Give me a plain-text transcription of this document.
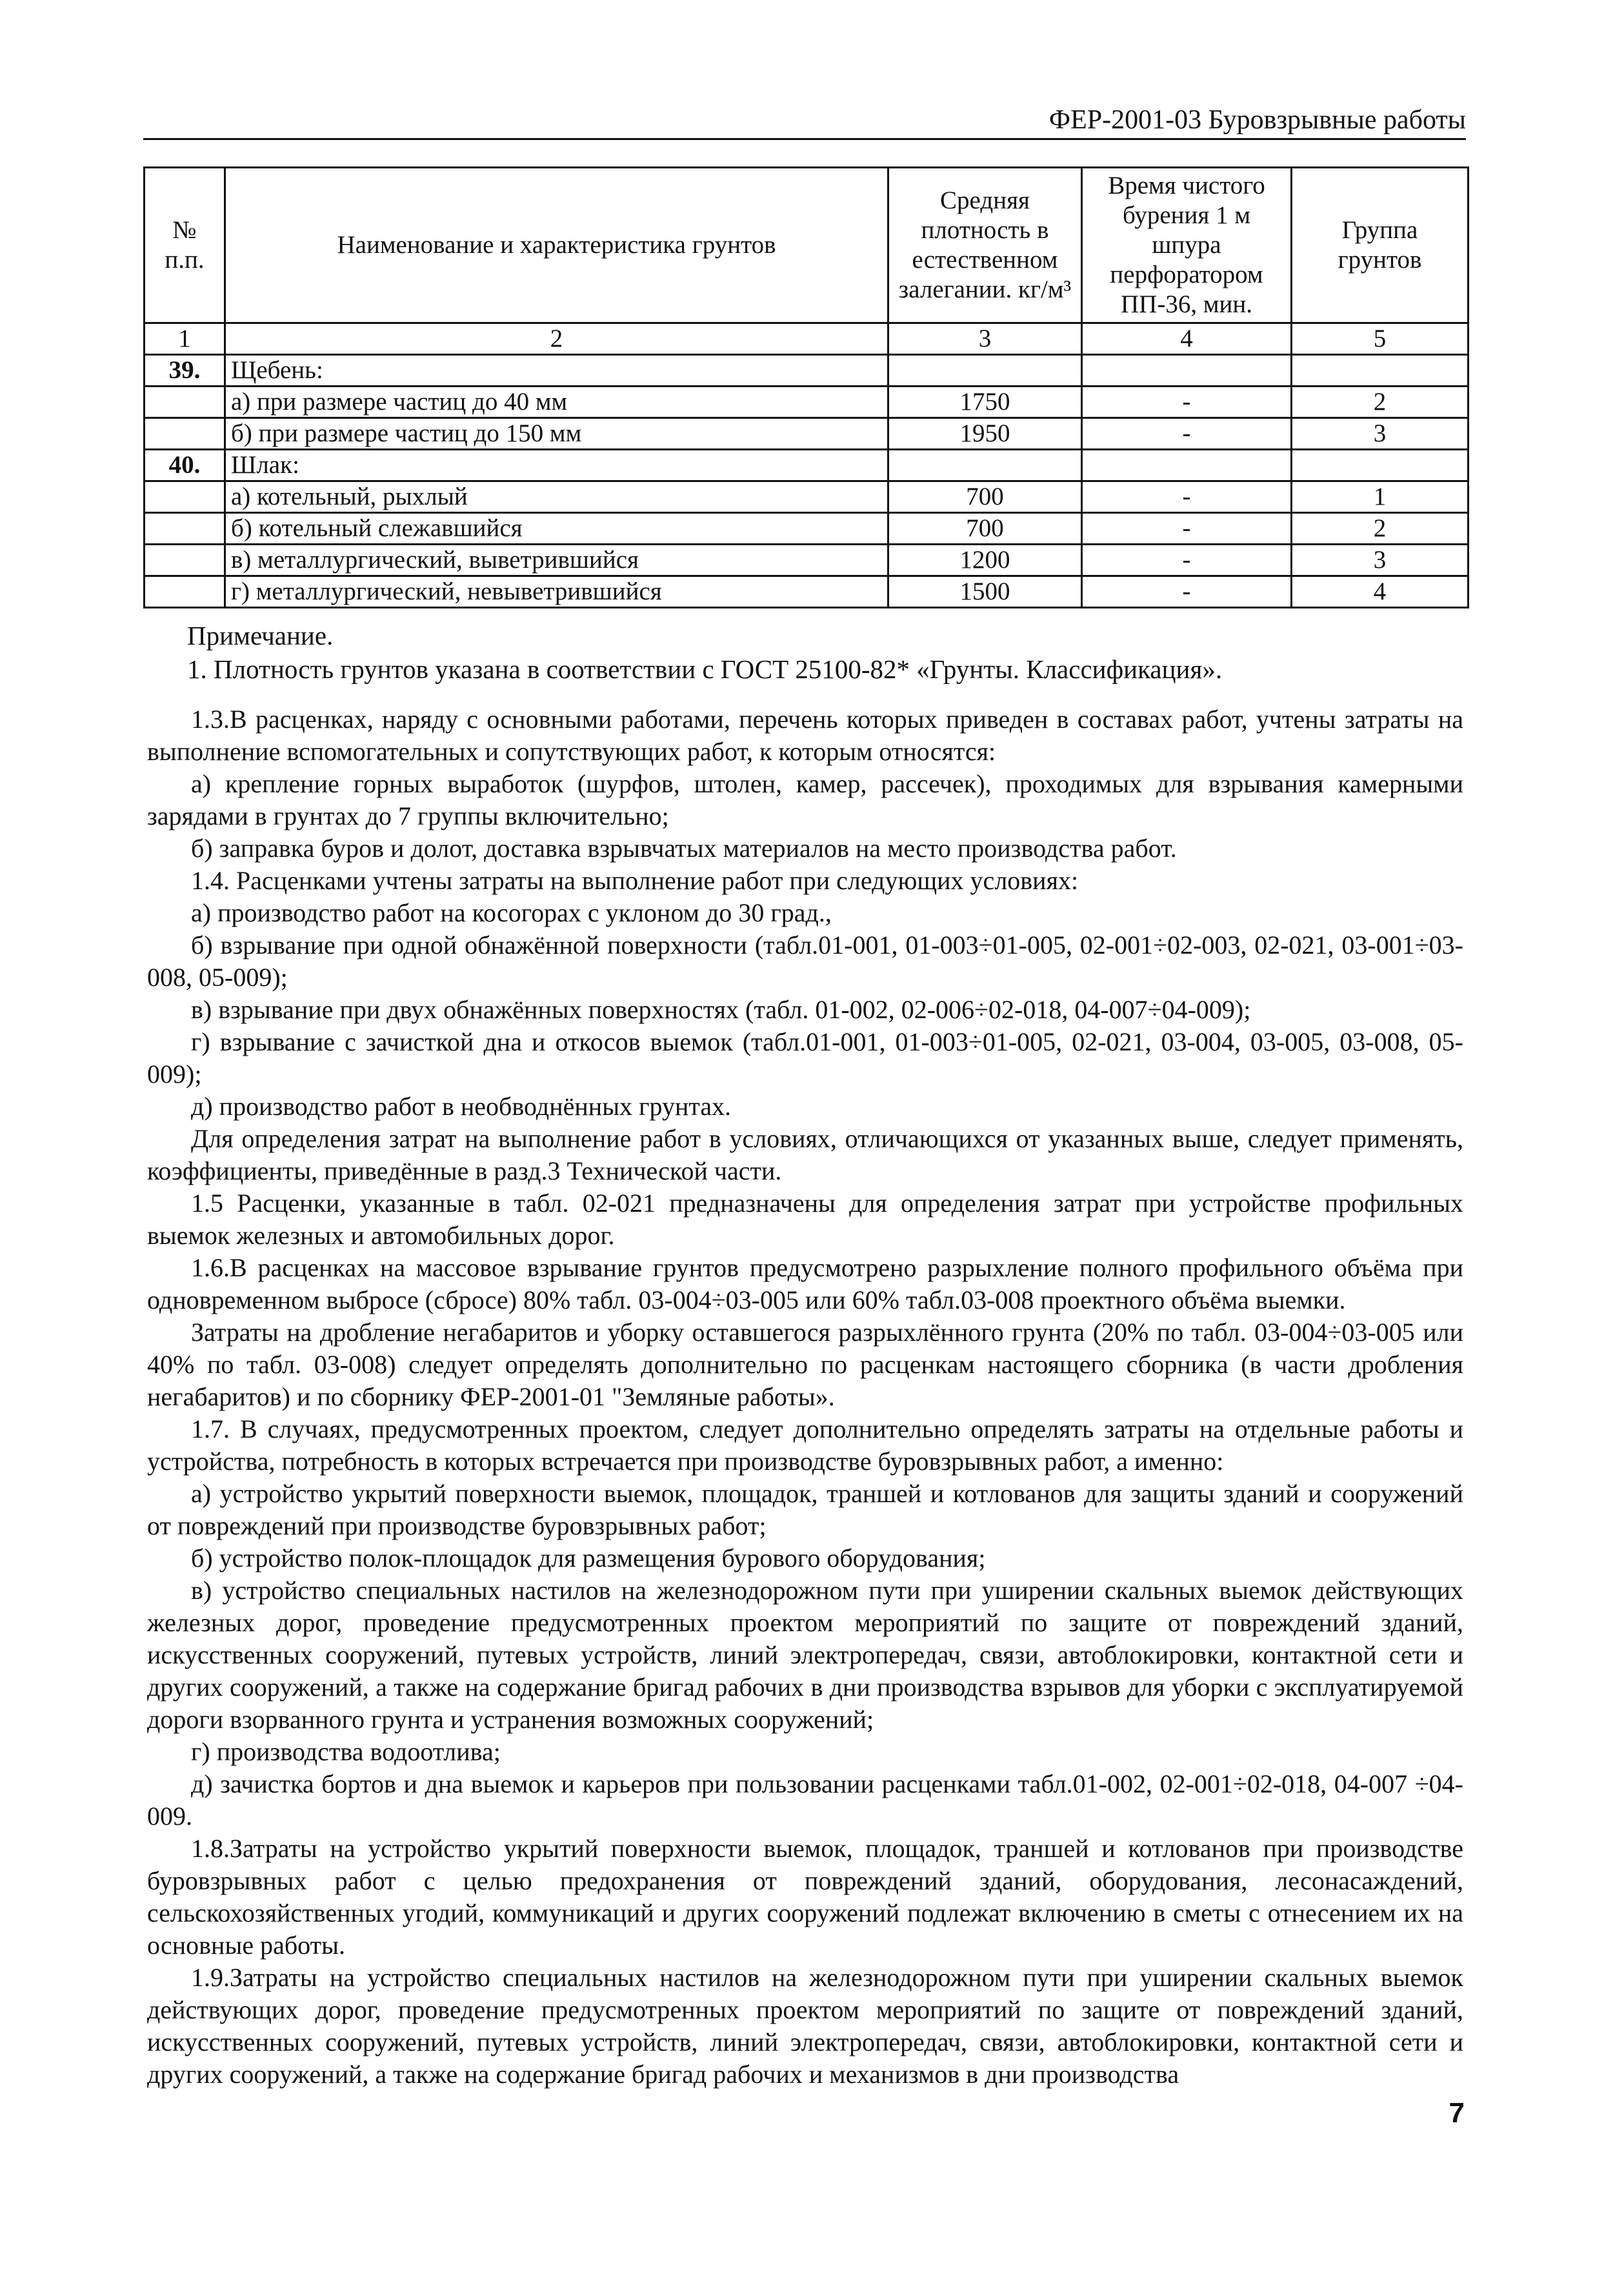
ФЕР-2001-03 Буровзрывные работы
№ п.п.	Наименование и характеристика грунтов	Средняя плотность в естественном залегании. кг/м³	Время чистого бурения 1 м шпура перфоратором ПП-36, мин.	Группа грунтов
1	2	3	4	5
39.	Щебень:			
	а) при размере частиц до 40 мм	1750	-	2
	б) при размере частиц до 150 мм	1950	-	3
40.	Шлак:			
	а) котельный, рыхлый	700	-	1
	б) котельный слежавшийся	700	-	2
	в) металлургический, выветрившийся	1200	-	3
	г) металлургический, невыветрившийся	1500	-	4
Примечание.
1. Плотность грунтов указана в соответствии с ГОСТ 25100-82* «Грунты. Классификация».

1.3.В расценках, наряду с основными работами, перечень которых приведен в составах работ, учтены затраты на выполнение вспомогательных и сопутствующих работ, к которым относятся:

а) крепление горных выработок (шурфов, штолен, камер, рассечек), проходимых для взрывания камерными зарядами в грунтах до 7 группы включительно;

б) заправка буров и долот, доставка взрывчатых материалов на место производства работ.

1.4. Расценками учтены затраты на выполнение работ при следующих условиях:

а) производство работ на косогорах с уклоном до 30 град.,

б) взрывание при одной обнажённой поверхности (табл.01-001, 01-003÷01-005, 02-001÷02-003, 02-021, 03-001÷03-008, 05-009);

в) взрывание при двух обнажённых поверхностях (табл. 01-002, 02-006÷02-018, 04-007÷04-009);

г) взрывание с зачисткой дна и откосов выемок (табл.01-001, 01-003÷01-005, 02-021, 03-004, 03-005, 03-008, 05-009);

д) производство работ в необводнённых грунтах.

Для определения затрат на выполнение работ в условиях, отличающихся от указанных выше, следует применять, коэффициенты, приведённые в разд.3 Технической части.

1.5 Расценки, указанные в табл. 02-021 предназначены для определения затрат при устройстве профильных выемок железных и автомобильных дорог.

1.6.В расценках на массовое взрывание грунтов предусмотрено разрыхление полного профильного объёма при одновременном выбросе (сбросе) 80% табл. 03-004÷03-005 или 60% табл.03-008 проектного объёма выемки.

Затраты на дробление негабаритов и уборку оставшегося разрыхлённого грунта (20% по табл. 03-004÷03-005 или 40% по табл. 03-008) следует определять дополнительно по расценкам настоящего сборника (в части дробления негабаритов) и по сборнику ФЕР-2001-01 "Земляные работы».

1.7. В случаях, предусмотренных проектом, следует дополнительно определять затраты на отдельные работы и устройства, потребность в которых встречается при производстве буровзрывных работ, а именно:

а) устройство укрытий поверхности выемок, площадок, траншей и котлованов для защиты зданий и сооружений от повреждений при производстве буровзрывных работ;

б) устройство полок-площадок для размещения бурового оборудования;

в) устройство специальных настилов на железнодорожном пути при уширении скальных выемок действующих железных дорог, проведение предусмотренных проектом мероприятий по защите от повреждений зданий, искусственных сооружений, путевых устройств, линий электропередач, связи, автоблокировки, контактной сети и других сооружений, а также на содержание бригад рабочих в дни производства взрывов для уборки с эксплуатируемой дороги взорванного грунта и устранения возможных сооружений;

г) производства водоотлива;

д) зачистка бортов и дна выемок и карьеров при пользовании расценками табл.01-002, 02-001÷02-018, 04-007 ÷04-009.

1.8.Затраты на устройство укрытий поверхности выемок, площадок, траншей и котлованов при производстве буровзрывных работ с целью предохранения от повреждений зданий, оборудования, лесонасаждений, сельскохозяйственных угодий, коммуникаций и других сооружений подлежат включению в сметы с отнесением их на основные работы.

1.9.Затраты на устройство специальных настилов на железнодорожном пути при уширении скальных выемок действующих дорог, проведение предусмотренных проектом мероприятий по защите от повреждений зданий, искусственных сооружений, путевых устройств, линий электропередач, связи, автоблокировки, контактной сети и других сооружений, а также на содержание бригад рабочих и механизмов в дни производства

7
